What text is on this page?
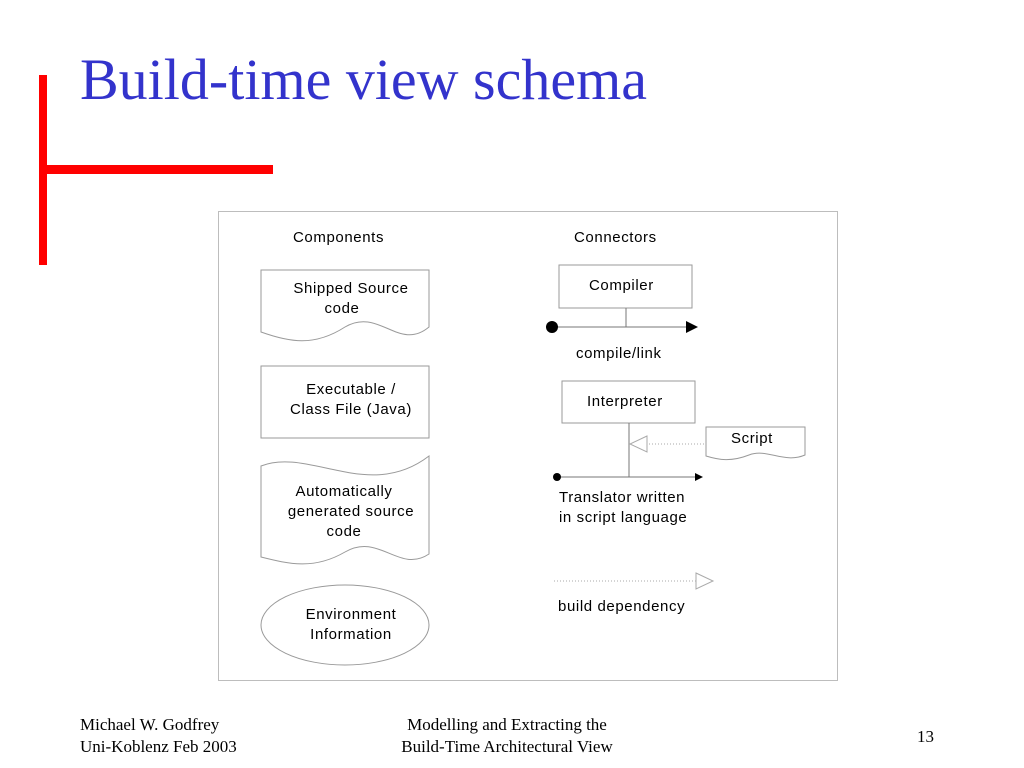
Build-time view schema
Components	Connectors
Shipped Source
code
Executable /
Class File (Java)
Automatically
generated source
code
Environment
Information
Compiler
compile/link
Interpreter
Script
Translator written
in script language
build dependency
Michael W. Godfrey
Uni-Koblenz Feb 2003
Modelling and Extracting the
Build-Time Architectural View
13
